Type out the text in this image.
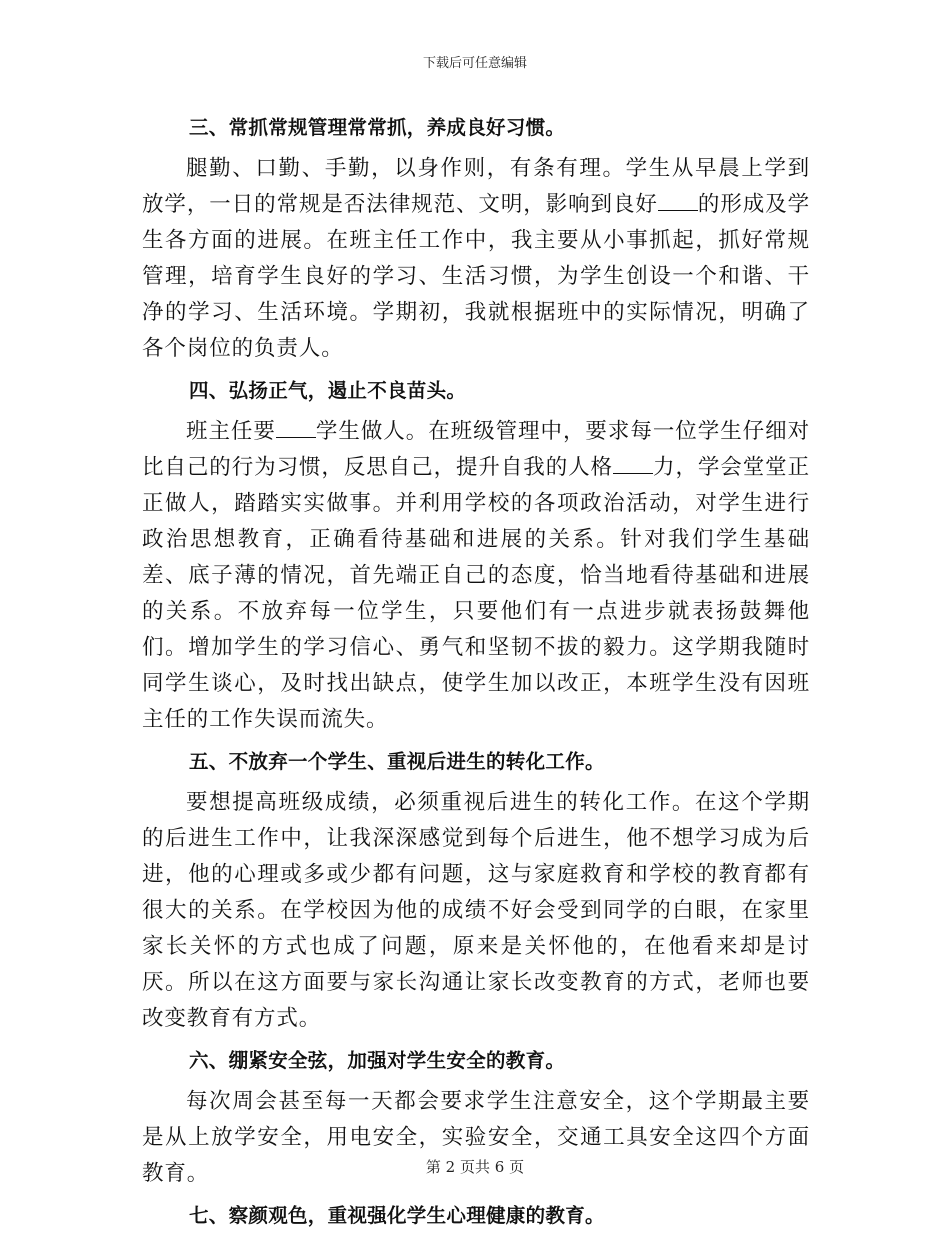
下载后可任意编辑
三、常抓常规管理常常抓，养成良好习惯。
腿勤、口勤、手勤，以身作则，有条有理。学生从早晨上学到放学，一日的常规是否法律规范、文明，影响到良好 的形成及学生各方面的进展。在班主任工作中，我主要从小事抓起，抓好常规管理，培育学生良好的学习、生活习惯，为学生创设一个和谐、干净的学习、生活环境。学期初，我就根据班中的实际情况，明确了各个岗位的负责人。
四、弘扬正气，遏止不良苗头。
班主任要 学生做人。在班级管理中，要求每一位学生仔细对比自己的行为习惯，反思自己，提升自我的人格 力，学会堂堂正正做人，踏踏实实做事。并利用学校的各项政治活动，对学生进行政治思想教育，正确看待基础和进展的关系。针对我们学生基础差、底子薄的情况，首先端正自己的态度，恰当地看待基础和进展的关系。不放弃每一位学生，只要他们有一点进步就表扬鼓舞他们。增加学生的学习信心、勇气和坚韧不拔的毅力。这学期我随时同学生谈心，及时找出缺点，使学生加以改正，本班学生没有因班主任的工作失误而流失。
五、不放弃一个学生、重视后进生的转化工作。
要想提高班级成绩，必须重视后进生的转化工作。在这个学期的后进生工作中，让我深深感觉到每个后进生，他不想学习成为后进，他的心理或多或少都有问题，这与家庭救育和学校的教育都有很大的关系。在学校因为他的成绩不好会受到同学的白眼，在家里家长关怀的方式也成了问题，原来是关怀他的，在他看来却是讨厌。所以在这方面要与家长沟通让家长改变教育的方式，老师也要改变教育有方式。
六、绷紧安全弦，加强对学生安全的教育。
每次周会甚至每一天都会要求学生注意安全，这个学期最主要是从上放学安全，用电安全，实验安全，交通工具安全这四个方面教育。
七、察颜观色，重视强化学生心理健康的教育。
第 2 页共 6 页
